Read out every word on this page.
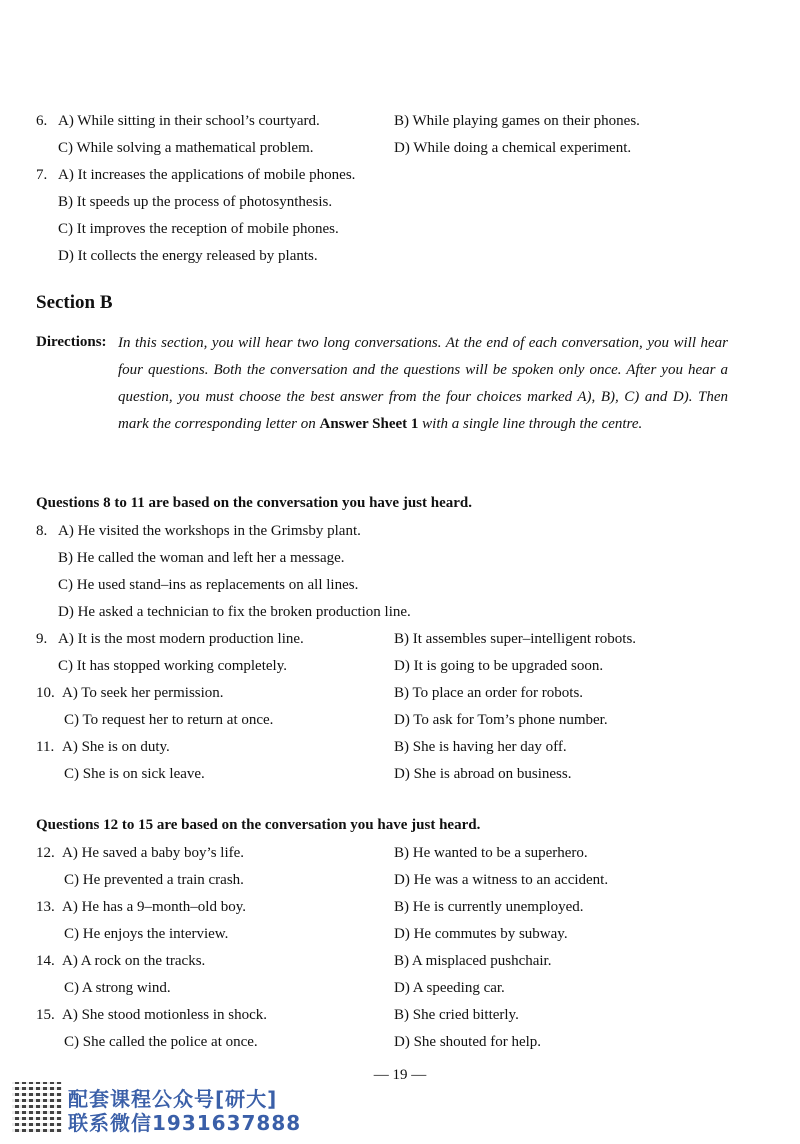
6. A) While sitting in their school’s courtyard.	B) While playing games on their phones.
C) While solving a mathematical problem.	D) While doing a chemical experiment.
7. A) It increases the applications of mobile phones.
B) It speeds up the process of photosynthesis.
C) It improves the reception of mobile phones.
D) It collects the energy released by plants.
Section B
Directions: In this section, you will hear two long conversations. At the end of each conversation, you will hear four questions. Both the conversation and the questions will be spoken only once. After you hear a question, you must choose the best answer from the four choices marked A), B), C) and D). Then mark the corresponding letter on Answer Sheet 1 with a single line through the centre.
Questions 8 to 11 are based on the conversation you have just heard.
8. A) He visited the workshops in the Grimsby plant.
B) He called the woman and left her a message.
C) He used stand–ins as replacements on all lines.
D) He asked a technician to fix the broken production line.
9. A) It is the most modern production line.	B) It assembles super–intelligent robots.
C) It has stopped working completely.	D) It is going to be upgraded soon.
10. A) To seek her permission.	B) To place an order for robots.
C) To request her to return at once.	D) To ask for Tom’s phone number.
11. A) She is on duty.	B) She is having her day off.
C) She is on sick leave.	D) She is abroad on business.
Questions 12 to 15 are based on the conversation you have just heard.
12. A) He saved a baby boy’s life.	B) He wanted to be a superhero.
C) He prevented a train crash.	D) He was a witness to an accident.
13. A) He has a 9–month–old boy.	B) He is currently unemployed.
C) He enjoys the interview.	D) He commutes by subway.
14. A) A rock on the tracks.	B) A misplaced pushchair.
C) A strong wind.	D) A speeding car.
15. A) She stood motionless in shock.	B) She cried bitterly.
C) She called the police at once.	D) She shouted for help.
— 19 —
配套课程公众号[研大]
联系微信1931637888
